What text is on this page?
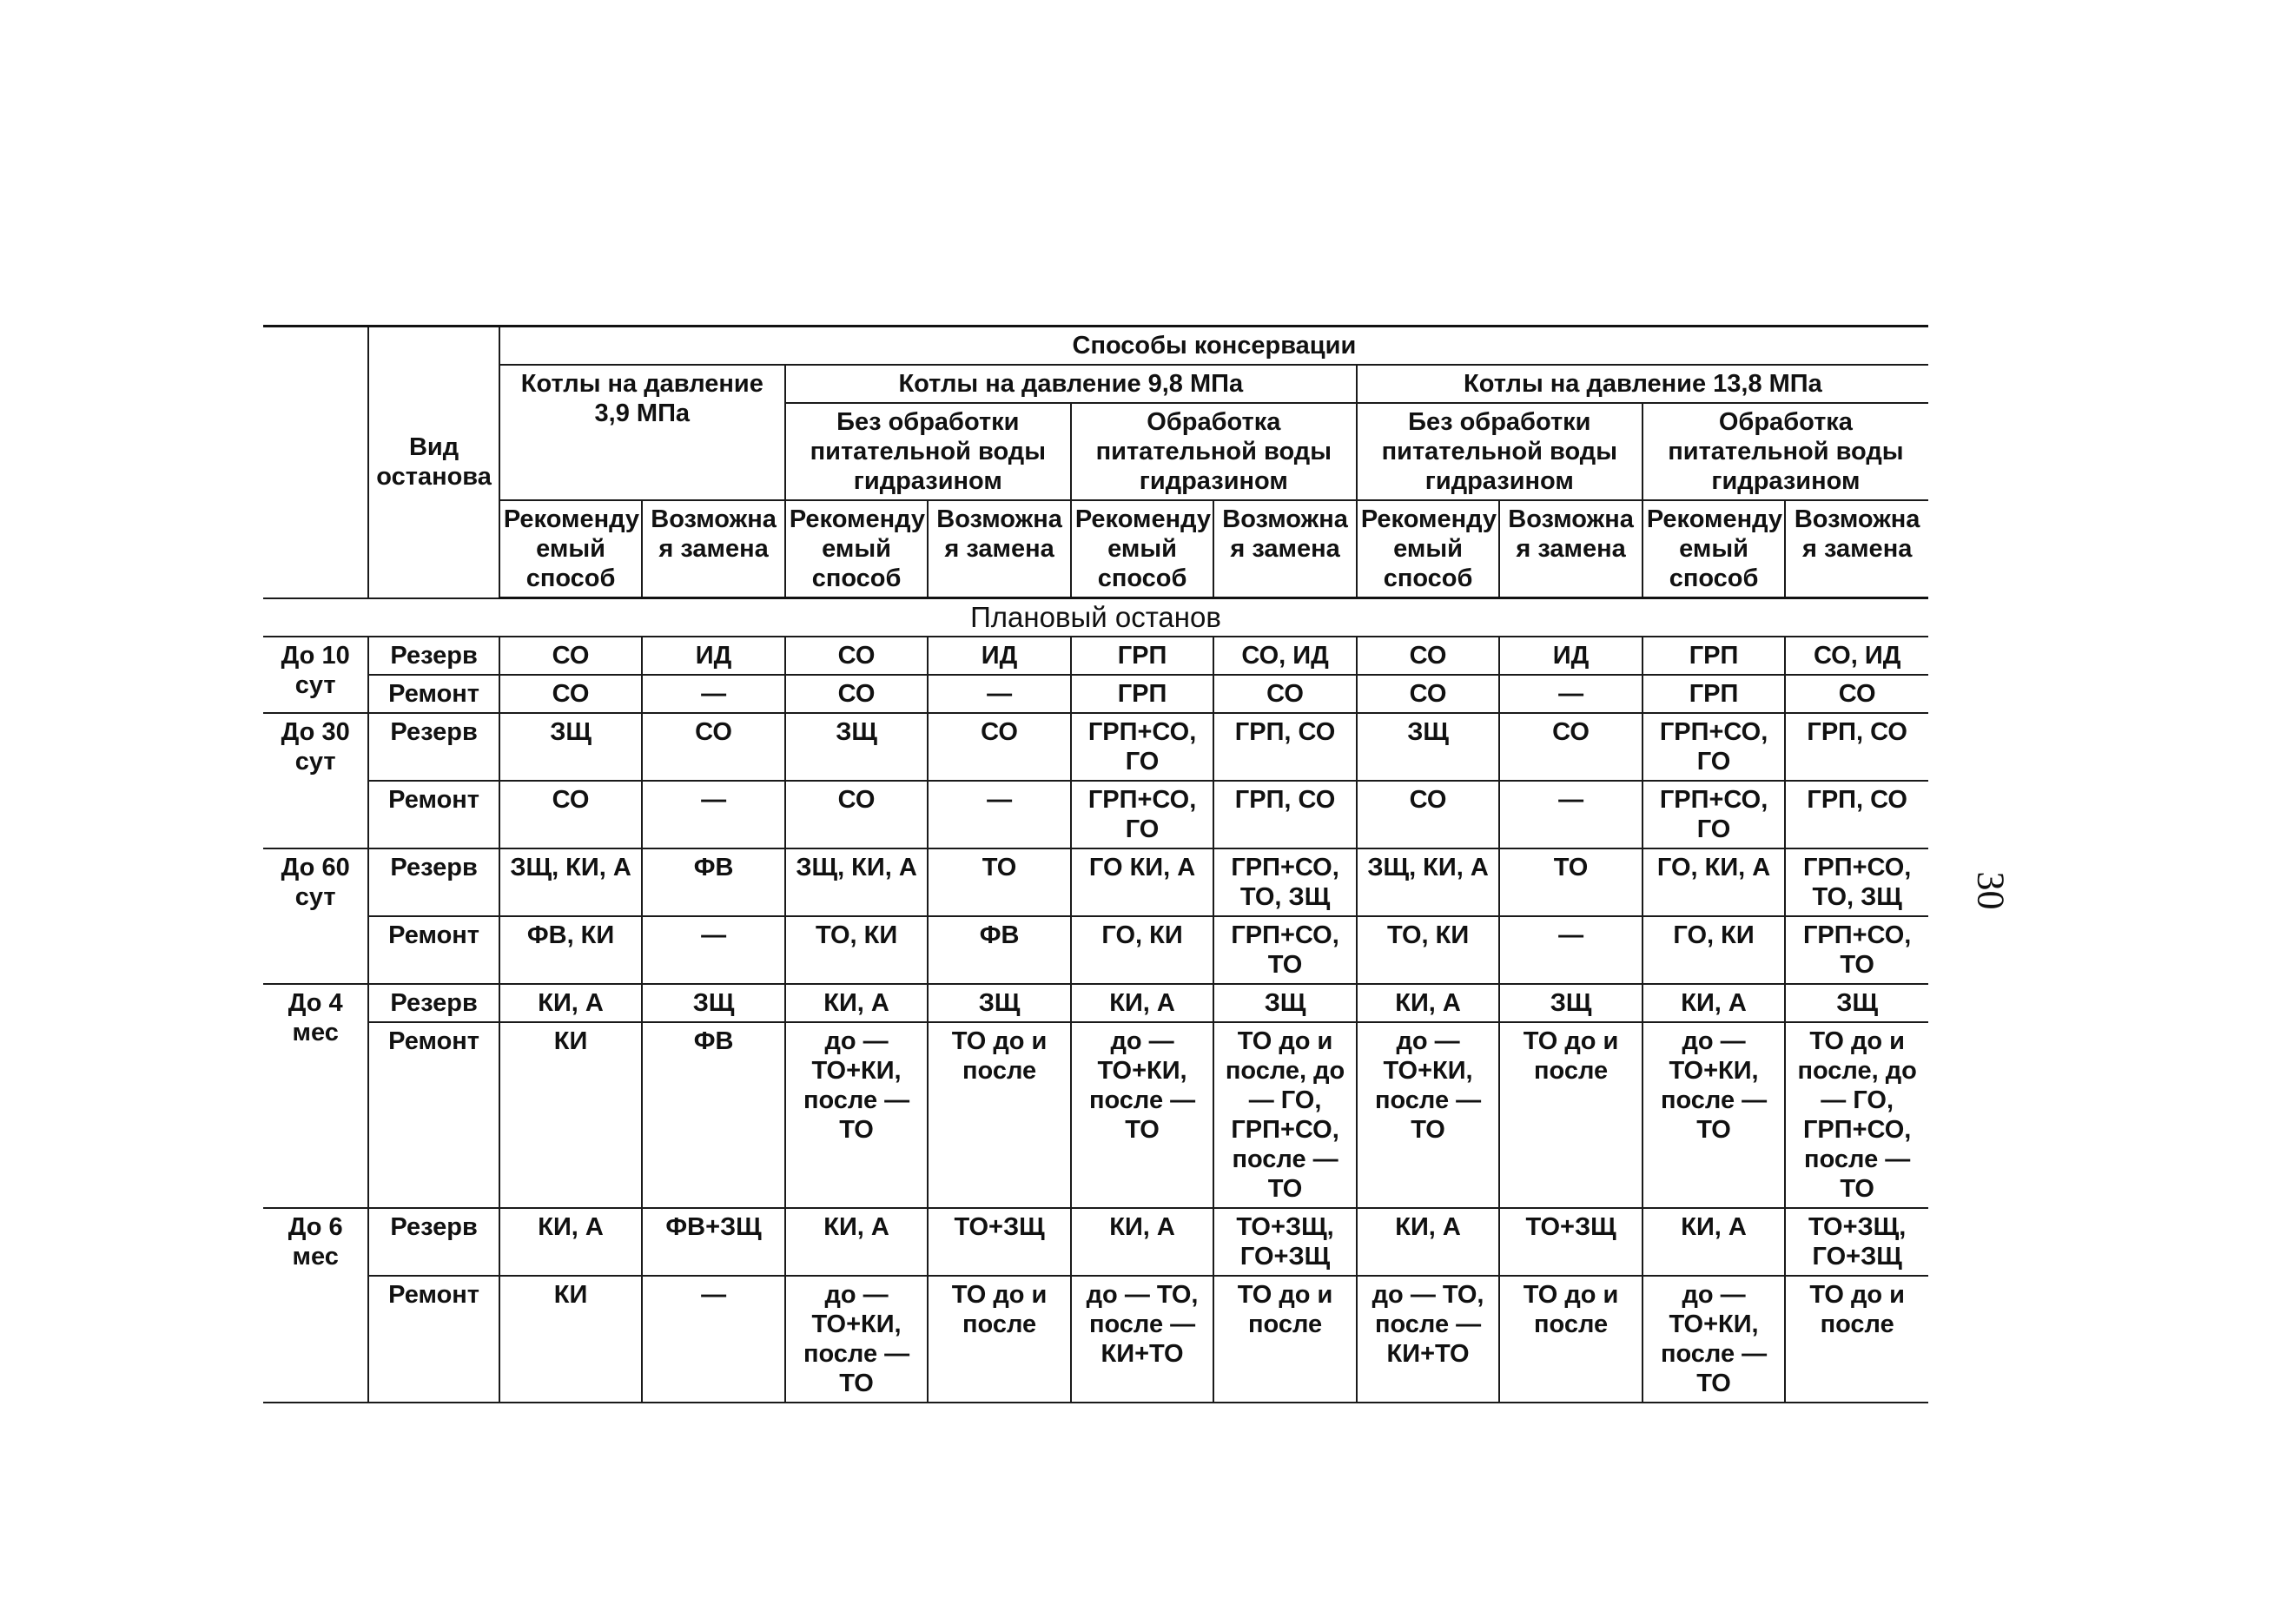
	Вид останова	Способы консервации									
		Котлы на давление 3,9 МПа		Котлы на давление 9,8 МПа				Котлы на давление 13,8 МПа			
				Без обработки питательной воды гидразином		Обработка питательной воды гидразином		Без обработки питательной воды гидразином		Обработка питательной воды гидразином	
		Рекоменду емый способ	Возможна я замена	Рекоменду емый способ	Возможна я замена	Рекоменду емый способ	Возможна я замена	Рекоменду емый способ	Возможна я замена	Рекоменду емый способ	Возможна я замена
Плановый останов											
До 10 сут	Резерв	СО	ИД	СО	ИД	ГРП	СО, ИД	СО	ИД	ГРП	СО, ИД
	Ремонт	СО	—	СО	—	ГРП	СО	СО	—	ГРП	СО
До 30 сут	Резерв	ЗЩ	СО	ЗЩ	СО	ГРП+СО, ГО	ГРП, СО	ЗЩ	СО	ГРП+СО, ГО	ГРП, СО
	Ремонт	СО	—	СО	—	ГРП+СО, ГО	ГРП, СО	СО	—	ГРП+СО, ГО	ГРП, СО
До 60 сут	Резерв	ЗЩ, КИ, А	ФВ	ЗЩ, КИ, А	ТО	ГО КИ, А	ГРП+СО, ТО, ЗЩ	ЗЩ, КИ, А	ТО	ГО, КИ, А	ГРП+СО, ТО, ЗЩ
	Ремонт	ФВ, КИ	—	ТО, КИ	ФВ	ГО, КИ	ГРП+СО, ТО	ТО, КИ	—	ГО, КИ	ГРП+СО, ТО
До 4 мес	Резерв	КИ, А	ЗЩ	КИ, А	ЗЩ	КИ, А	ЗЩ	КИ, А	ЗЩ	КИ, А	ЗЩ
	Ремонт	КИ	ФВ	до — ТО+КИ, после — ТО	ТО до и после	до — ТО+КИ, после — ТО	ТО до и после, до — ГО, ГРП+СО, после — ТО	до — ТО+КИ, после — ТО	ТО до и после	до — ТО+КИ, после — ТО	ТО до и после, до — ГО, ГРП+СО, после — ТО
До 6 мес	Резерв	КИ, А	ФВ+ЗЩ	КИ, А	ТО+ЗЩ	КИ, А	ТО+ЗЩ, ГО+ЗЩ	КИ, А	ТО+ЗЩ	КИ, А	ТО+ЗЩ, ГО+ЗЩ
	Ремонт	КИ	—	до — ТО+КИ, после — ТО	ТО до и после	до — ТО, после — КИ+ТО	ТО до и после	до — ТО, после — КИ+ТО	ТО до и после	до — ТО+КИ, после — ТО	ТО до и после
30
